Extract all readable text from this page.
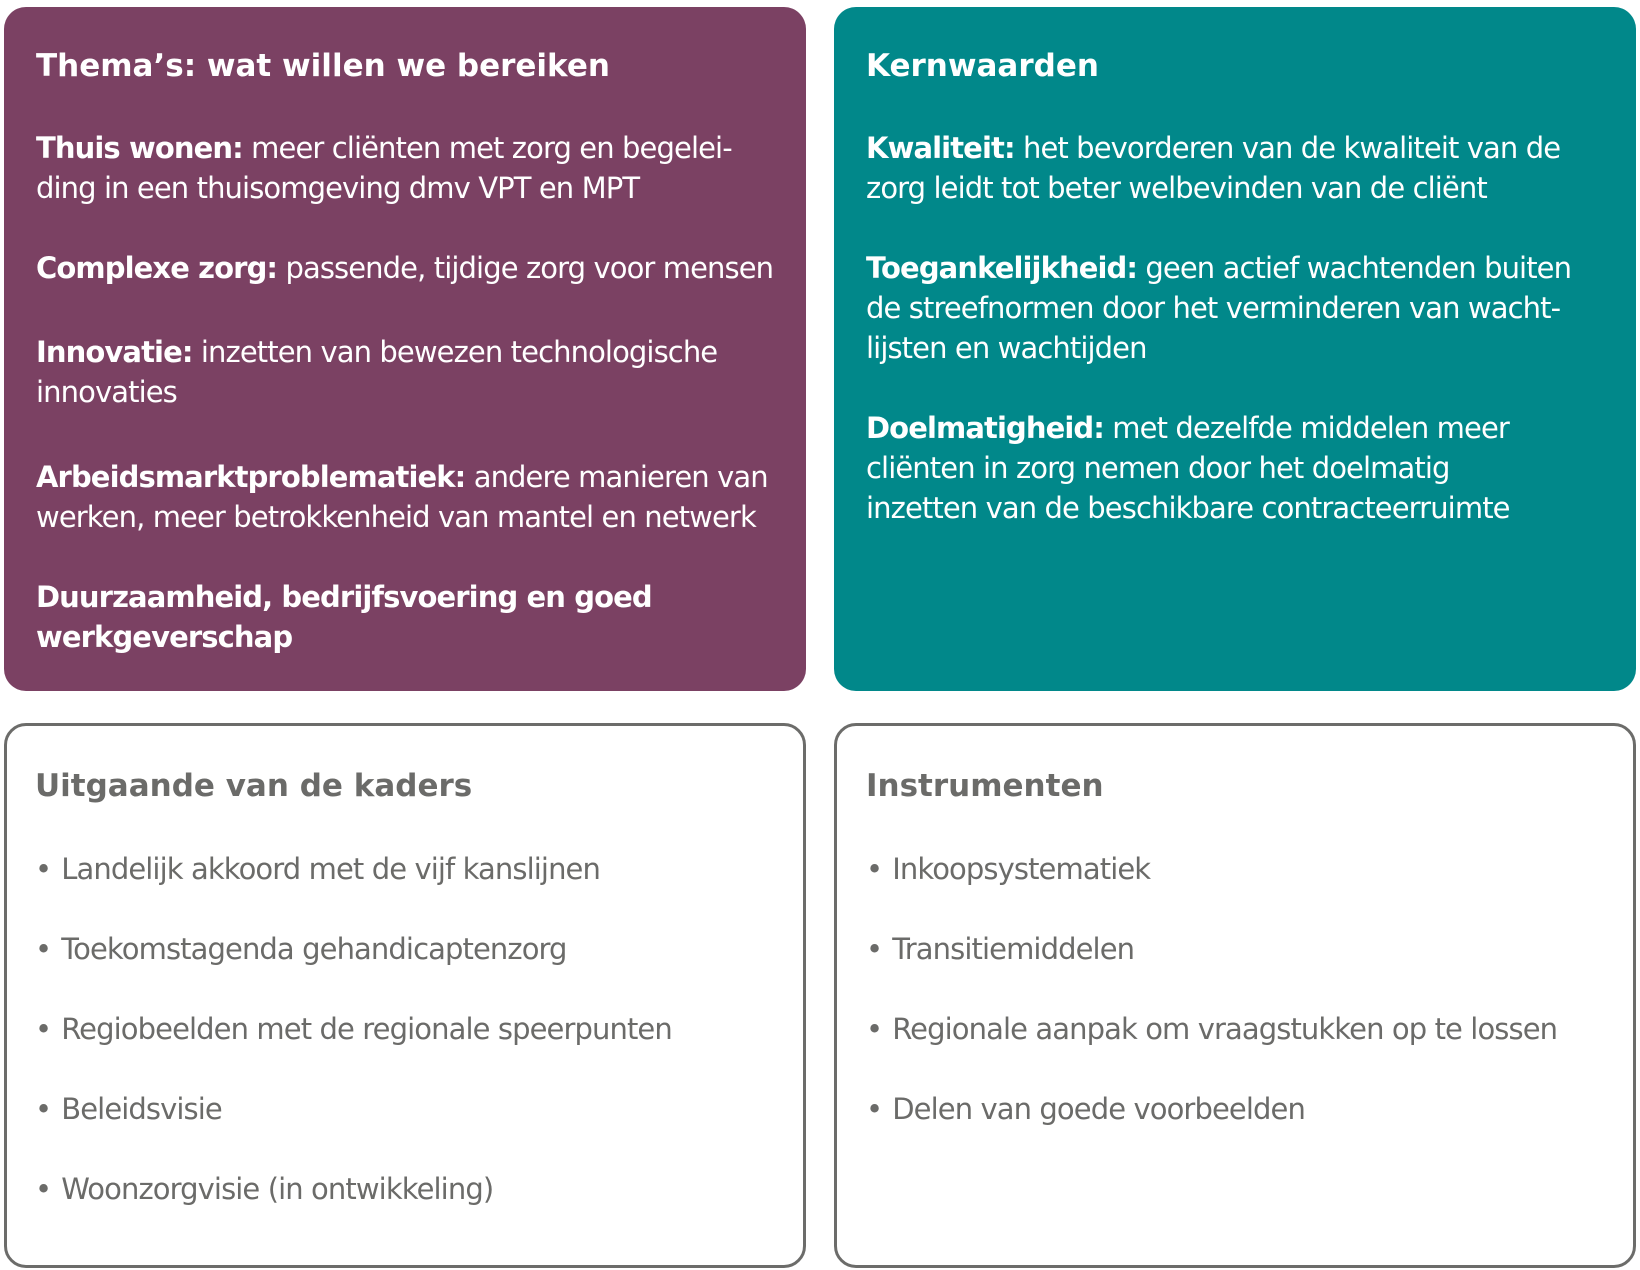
Thema’s: wat willen we bereiken

Thuis wonen: meer cliënten met zorg en begelei-

ding in een thuisomgeving dmv VPT en MPT

Complexe zorg: passende, tijdige zorg voor mensen

Innovatie: inzetten van bewezen technologische

innovaties

Arbeidsmarktproblematiek: andere manieren van

werken, meer betrokkenheid van mantel en netwerk

Duurzaamheid, bedrijfsvoering en goed

werkgeverschap

Kernwaarden

Kwaliteit: het bevorderen van de kwaliteit van de

zorg leidt tot beter welbevinden van de cliënt

Toegankelijkheid: geen actief wachtenden buiten

de streefnormen door het verminderen van wacht-

lijsten en wachtijden

Doelmatigheid: met dezelfde middelen meer

cliënten in zorg nemen door het doelmatig

inzetten van de beschikbare contracteerruimte

Uitgaande van de kaders

• Landelijk akkoord met de vijf kanslijnen

• Toekomstagenda gehandicaptenzorg

• Regiobeelden met de regionale speerpunten

• Beleidsvisie

• Woonzorgvisie (in ontwikkeling)

Instrumenten

• Inkoopsystematiek

• Transitiemiddelen

• Regionale aanpak om vraagstukken op te lossen

• Delen van goede voorbeelden
